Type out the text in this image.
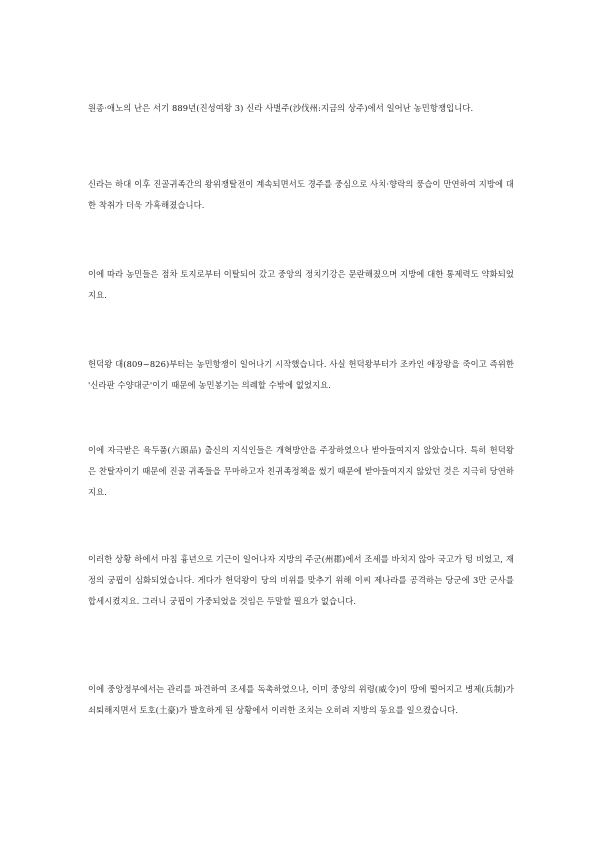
원종·애노의 난은 서기 889년(진성여왕 3) 신라 사벌주(沙伐州:지금의 상주)에서 일어난 농민항쟁입니다.

신라는 하대 이후 진골귀족간의 왕위쟁탈전이 계속되면서도 경주를 중심으로 사치·향락의 풍습이 만연하여 지방에 대한 착취가 더욱 가혹해졌습니다.

이에 따라 농민들은 점차 토지로부터 이탈되어 갔고 중앙의 정치기강은 문란해졌으며 지방에 대한 통제력도 약화되었지요.

헌덕왕 대(809~826)부터는 농민항쟁이 일어나기 시작했습니다. 사실 헌덕왕부터가 조카인 애장왕을 죽이고 즉위한 '신라판 수양대군'이기 때문에 농민봉기는 의례할 수밖에 없었지요.

이에 자극받은 육두품(六頭品) 출신의 지식인들은 개혁방안을 주장하였으나 받아들여지지 않았습니다. 특히 헌덕왕은 찬탈자이기 때문에 진골 귀족들을 무마하고자 친귀족정책을 썼기 때문에 받아들여지지 않았던 것은 지극히 당연하지요.

이러한 상황 하에서 마침 흉년으로 기근이 일어나자 지방의 주군(州郡)에서 조세를 바치지 않아 국고가 텅 비었고, 재정의 궁핍이 심화되었습니다. 게다가 헌덕왕이 당의 비위를 맞추기 위해 이씨 제나라를 공격하는 당군에 3만 군사를 합세시켰지요. 그러니 궁핍이 가중되었을 것임은 두말할 필요가 없습니다.

이에 중앙정부에서는 관리를 파견하여 조세를 독촉하였으나, 이미 중앙의 위령(威令)이 땅에 떨어지고 병제(兵制)가 쇠퇴해지면서 토호(土豪)가 발호하게 된 상황에서 이러한 조치는 오히려 지방의 동요를 일으켰습니다.
